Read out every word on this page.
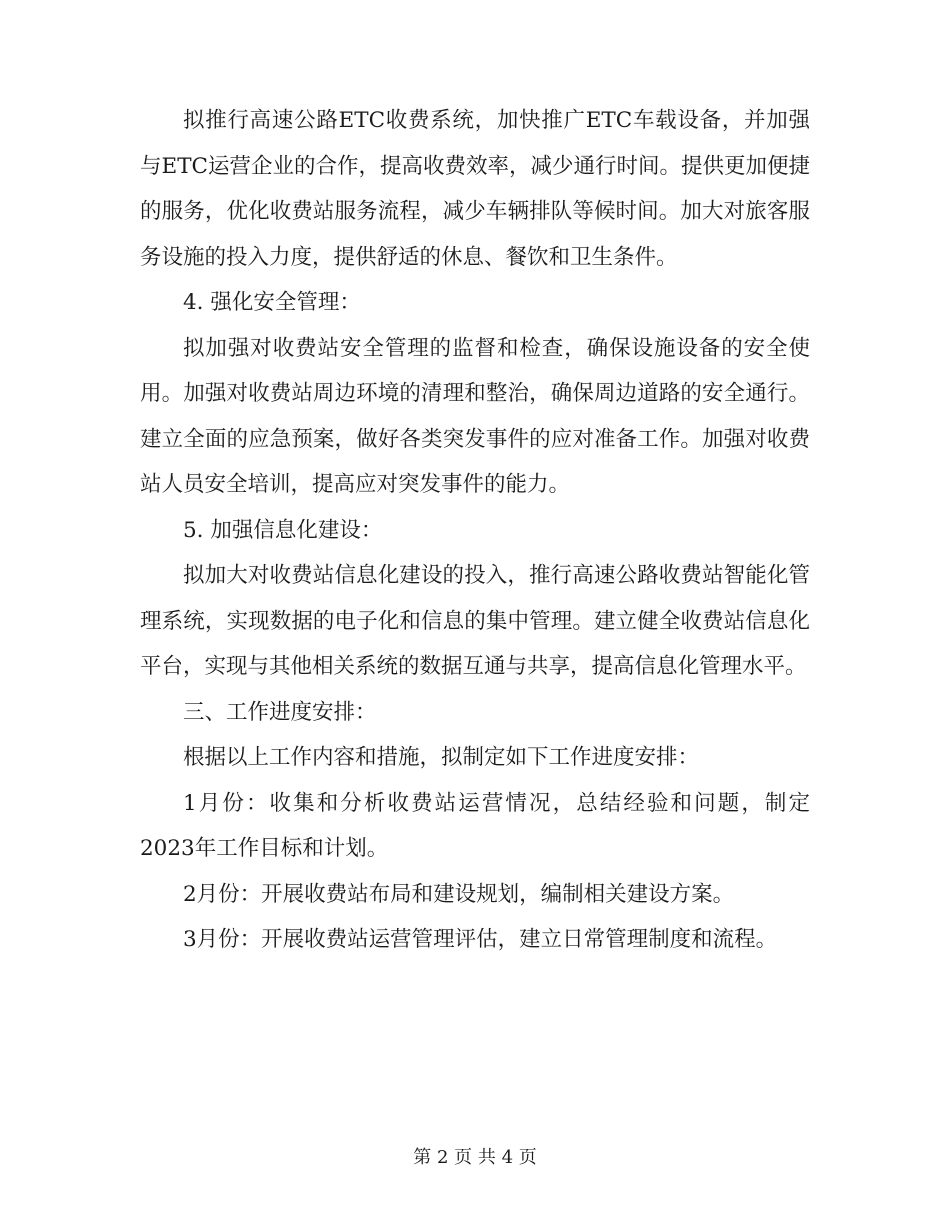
拟推行高速公路ETC收费系统，加快推广ETC车载设备，并加强与ETC运营企业的合作，提高收费效率，减少通行时间。提供更加便捷的服务，优化收费站服务流程，减少车辆排队等候时间。加大对旅客服务设施的投入力度，提供舒适的休息、餐饮和卫生条件。

4. 强化安全管理：

拟加强对收费站安全管理的监督和检查，确保设施设备的安全使用。加强对收费站周边环境的清理和整治，确保周边道路的安全通行。建立全面的应急预案，做好各类突发事件的应对准备工作。加强对收费站人员安全培训，提高应对突发事件的能力。

5. 加强信息化建设：

拟加大对收费站信息化建设的投入，推行高速公路收费站智能化管理系统，实现数据的电子化和信息的集中管理。建立健全收费站信息化平台，实现与其他相关系统的数据互通与共享，提高信息化管理水平。

三、工作进度安排：

根据以上工作内容和措施，拟制定如下工作进度安排：

1月份：收集和分析收费站运营情况，总结经验和问题，制定2023年工作目标和计划。

2月份：开展收费站布局和建设规划，编制相关建设方案。

3月份：开展收费站运营管理评估，建立日常管理制度和流程。

第 2 页 共 4 页
